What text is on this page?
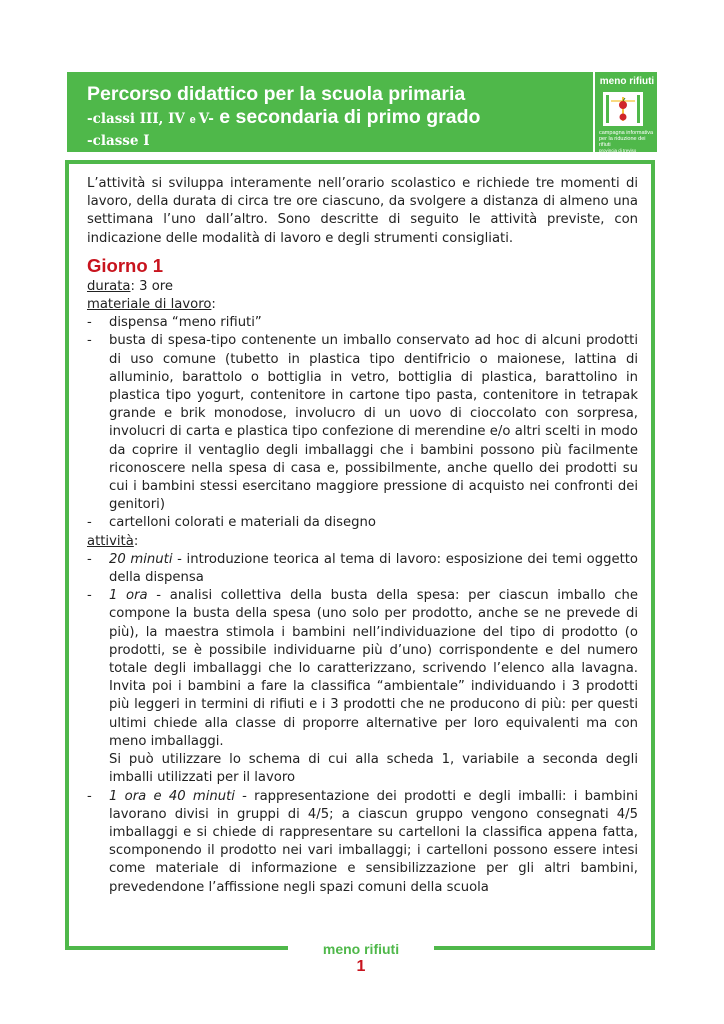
Percorso didattico per la scuola primaria
-classi III, IV e V- e secondaria di primo grado
-classe I
meno rifiuti
campagna informativa per la riduzione dei rifiuti
provincia di treviso

L’attività si sviluppa interamente nell’orario scolastico e richiede tre momenti di lavoro, della durata di circa tre ore ciascuno, da svolgere a distanza di almeno una settimana l’uno dall’altro. Sono descritte di seguito le attività previste, con indicazione delle modalità di lavoro e degli strumenti consigliati.

Giorno 1
durata: 3 ore
materiale di lavoro:
- dispensa “meno rifiuti”
- busta di spesa-tipo contenente un imballo conservato ad hoc di alcuni prodotti di uso comune (tubetto in plastica tipo dentifricio o maionese, lattina di alluminio, barattolo o bottiglia in vetro, bottiglia di plastica, barattolino in plastica tipo yogurt, contenitore in cartone tipo pasta, contenitore in tetrapak grande e brik monodose, involucro di un uovo di cioccolato con sorpresa, involucri di carta e plastica tipo confezione di merendine e/o altri scelti in modo da coprire il ventaglio degli imballaggi che i bambini possono più facilmente riconoscere nella spesa di casa e, possibilmente, anche quello dei prodotti su cui i bambini stessi esercitano maggiore pressione di acquisto nei confronti dei genitori)
- cartelloni colorati e materiali da disegno
attività:
- 20 minuti - introduzione teorica al tema di lavoro: esposizione dei temi oggetto della dispensa
- 1 ora - analisi collettiva della busta della spesa: per ciascun imballo che compone la busta della spesa (uno solo per prodotto, anche se ne prevede di più), la maestra stimola i bambini nell’individuazione del tipo di prodotto (o prodotti, se è possibile individuarne più d’uno) corrispondente e del numero totale degli imballaggi che lo caratterizzano, scrivendo l’elenco alla lavagna. Invita poi i bambini a fare la classifica “ambientale” individuando i 3 prodotti più leggeri in termini di rifiuti e i 3 prodotti che ne producono di più: per questi ultimi chiede alla classe di proporre alternative per loro equivalenti ma con meno imballaggi.
Si può utilizzare lo schema di cui alla scheda 1, variabile a seconda degli imballi utilizzati per il lavoro
- 1 ora e 40 minuti - rappresentazione dei prodotti e degli imballi: i bambini lavorano divisi in gruppi di 4/5; a ciascun gruppo vengono consegnati 4/5 imballaggi e si chiede di rappresentare su cartelloni la classifica appena fatta, scomponendo il prodotto nei vari imballaggi; i cartelloni possono essere intesi come materiale di informazione e sensibilizzazione per gli altri bambini, prevedendone l’affissione negli spazi comuni della scuola
meno rifiuti
1
